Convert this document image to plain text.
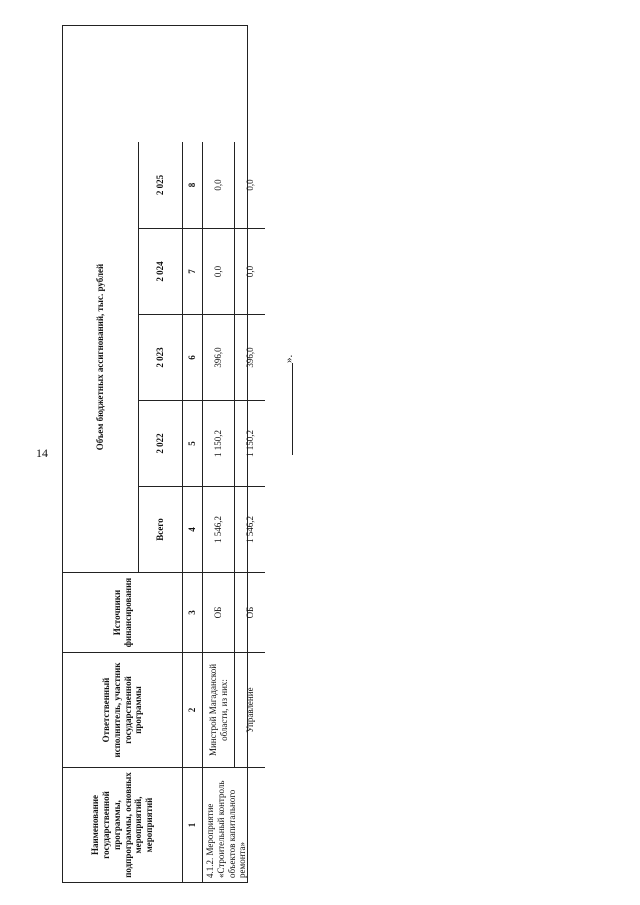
14
Наименование государственной программы, подпрограммы, основных мероприятий, мероприятий
Ответственный исполнитель, участник государственной программы
Источники финансирования
Объем бюджетных ассигнований, тыс. рублей
Всего
2 022
2 023
2 024
2 025
1
2
3
4
5
6
7
8
4.1.2. Мероприятие «Строительный контроль объектов капитального ремонта»
Минстрой Магаданской области, из них:
ОБ
1 546,2
1 150,2
396,0
0,0
0,0
Управление
ОБ
1 546,2
1 150,2
396,0
0,0
0,0
».
